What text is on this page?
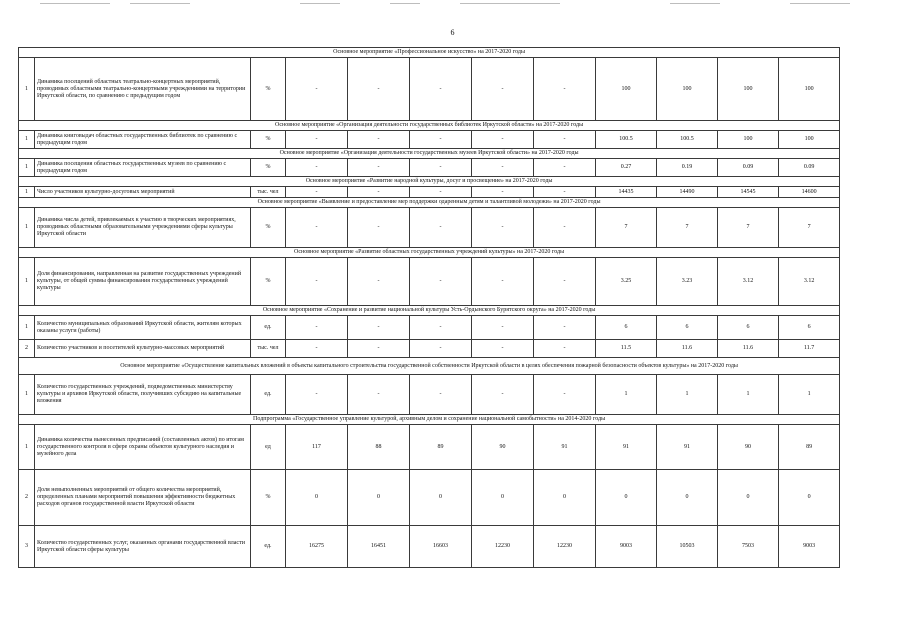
6
Основное мероприятие «Профессиональное искусство» на 2017-2020 годы											
1	Динамика посещений областных театрально-концертных мероприятий, проводимых областными театрально-концертными учреждениями на территории Иркутской области, по сравнению с предыдущим годом	%	-	-	-	-	-	100	100	100	100
Основное мероприятие «Организация деятельности государственных библиотек Иркутской области» на 2017-2020 годы											
1	Динамика книговыдач областных государственных библиотек по сравнению с предыдущим годом	%	-	-	-	-	-	100.5	100.5	100	100
Основное мероприятие «Организация деятельности государственных музеев Иркутской области» на 2017-2020 годы											
1	Динамика посещения областных государственных музеев по сравнению с предыдущим годом	%	-	-	-	-	-	0.27	0.19	0.09	0.09
Основное мероприятие «Развитие народной культуры, досуг и просвещение» на 2017-2020 годы											
1	Число участников культурно-досуговых мероприятий	тыс. чел	-	-	-	-	-	14435	14490	14545	14600
Основное мероприятие «Выявление и предоставление мер поддержки одаренным детям и талантливой молодежи» на 2017-2020 годы											
1	Динамика числа детей, привлекаемых к участию в творческих мероприятиях, проводимых областными образовательными учреждениями сферы культуры Иркутской области	%	-	-	-	-	-	7	7	7	7
Основное мероприятие «Развитие областных государственных учреждений культуры» на 2017-2020 годы											
1	Доля финансирования, направленная на развитие государственных учреждений культуры, от общей суммы финансирования государственных учреждений культуры	%	-	-	-	-	-	3.25	3.23	3.12	3.12
Основное мероприятие «Сохранение и развитие национальной культуры Усть-Ордынского Бурятского округа» на 2017-2020 годы											
1	Количество муниципальных образований Иркутской области, жителям которых оказаны услуги (работы)	ед.	-	-	-	-	-	6	6	6	6
2	Количество участников и посетителей культурно-массовых мероприятий	тыс. чел	-	-	-	-	-	11.5	11.6	11.6	11.7
Основное мероприятие «Осуществление капитальных вложений в объекты капитального строительства государственной собственности Иркутской области в целях обеспечения пожарной безопасности объектов культуры» на 2017-2020 годы											
1	Количество государственных учреждений, подведомственных министерству культуры и архивов Иркутской области, получивших субсидию на капитальные вложения	ед.	-	-	-	-	-	1	1	1	1
Подпрограмма «Государственное управление культурой, архивным делом и сохранение национальной самобытности» на 2014-2020 годы											
1	Динамика количества вынесенных предписаний (составленных актов) по итогам государственного контроля в сфере охраны объектов культурного наследия и музейного дела	ед	117	88	89	90	91	91	91	90	89
2	Доля невыполненных мероприятий от общего количества мероприятий, определенных планами мероприятий повышения эффективности бюджетных расходов органов государственной власти Иркутской области	%	0	0	0	0	0	0	0	0	0
3	Количество государственных услуг, оказанных органами государственной власти Иркутской области сферы культуры	ед.	16275	16451	16603	12230	12230	9003	10503	7503	9003
